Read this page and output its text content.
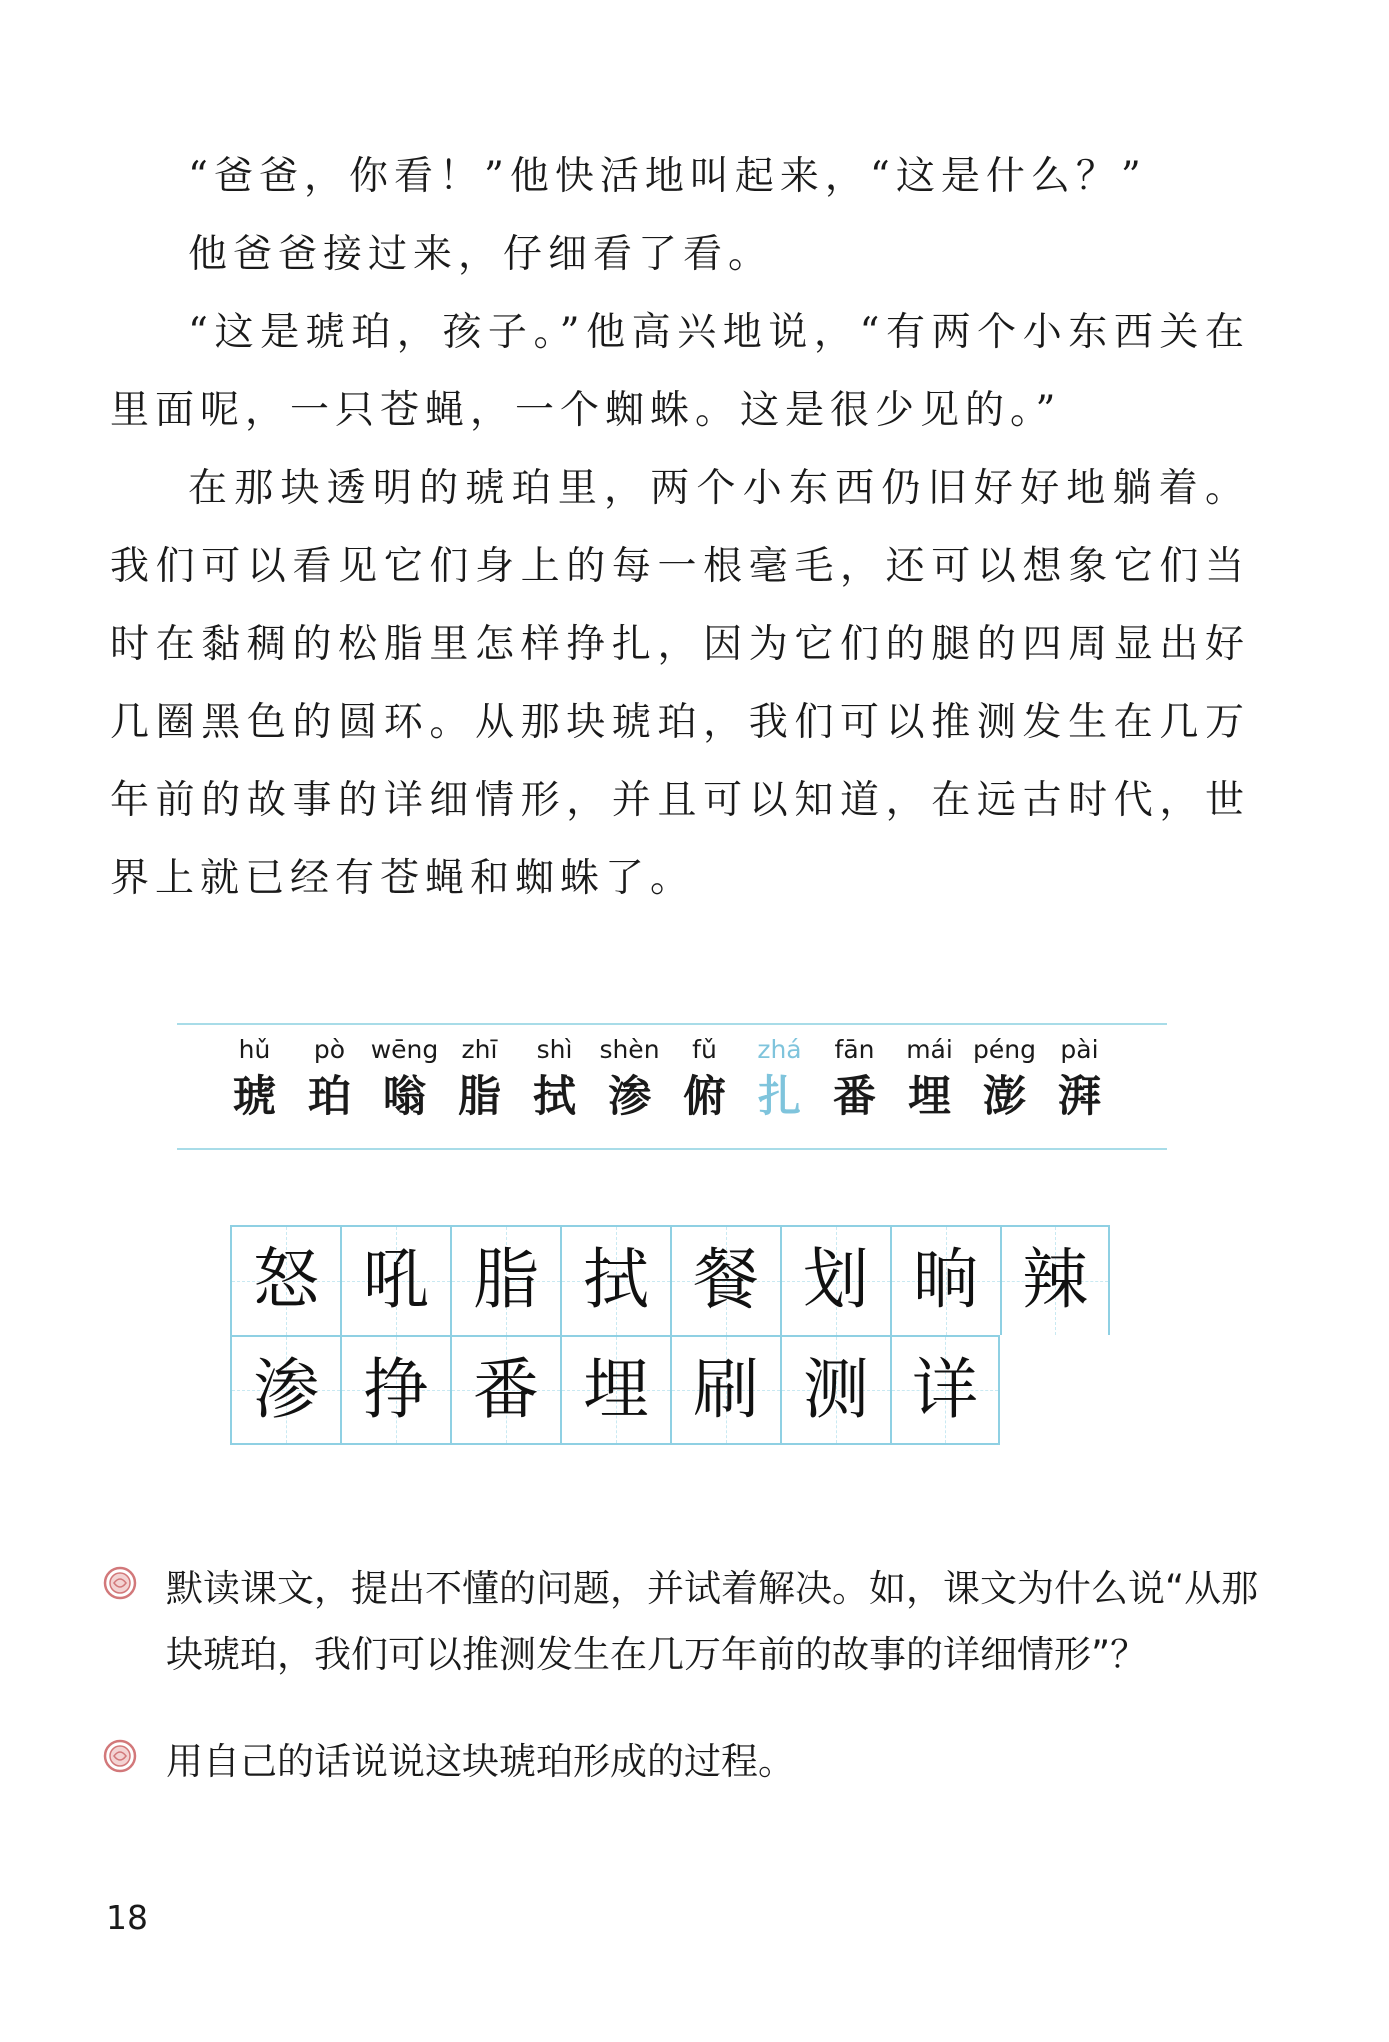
“爸爸，你看！”他快活地叫起来，“这是什么？”

他爸爸接过来，仔细看了看。

“这是琥珀，孩子。”他高兴地说，“有两个小东西关在里面呢，一只苍蝇，一个蜘蛛。这是很少见的。”

在那块透明的琥珀里，两个小东西仍旧好好地躺着。我们可以看见它们身上的每一根毫毛，还可以想象它们当时在黏稠的松脂里怎样挣扎，因为它们的腿的四周显出好几圈黑色的圆环。从那块琥珀，我们可以推测发生在几万年前的故事的详细情形，并且可以知道，在远古时代，世界上就已经有苍蝇和蜘蛛了。

hǔ
琥
pò
珀
wēng
嗡
zhī
脂
shì
拭
shèn
渗
fǔ
俯
zhá
扎
fān
番
mái
埋
péng
澎
pài
湃
怒 吼 脂 拭 餐 划 晌 辣
渗 挣 番 埋 刷 测 详
默读课文，提出不懂的问题，并试着解决。如，课文为什么说“从那块琥珀，我们可以推测发生在几万年前的故事的详细情形”？
用自己的话说说这块琥珀形成的过程。
18
